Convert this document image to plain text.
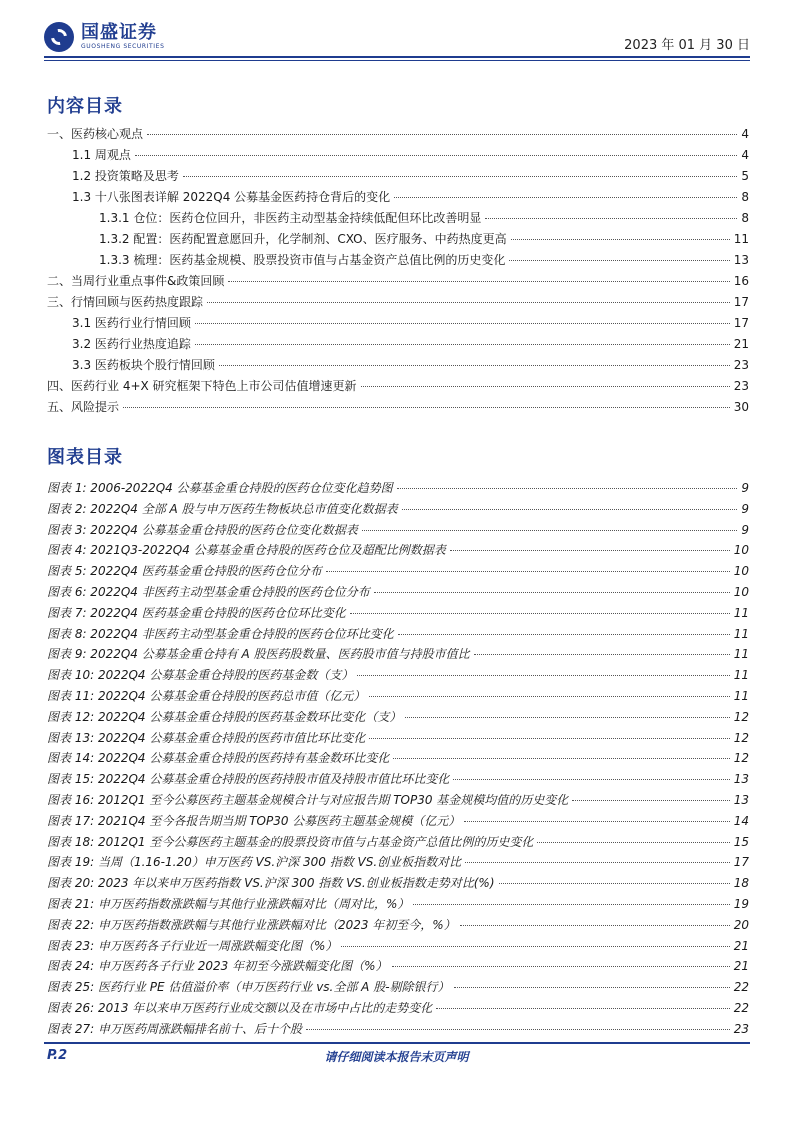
国盛证券
GUOSHENG SECURITIES	2023 年 01 月 30 日
内容目录
一、医药核心观点	4
1.1 周观点	4
1.2 投资策略及思考	5
1.3 十八张图表详解 2022Q4 公募基金医药持仓背后的变化	8
1.3.1 仓位：医药仓位回升，非医药主动型基金持续低配但环比改善明显	8
1.3.2 配置：医药配置意愿回升，化学制剂、CXO、医疗服务、中药热度更高	11
1.3.3 梳理：医药基金规模、股票投资市值与占基金资产总值比例的历史变化	13
二、当周行业重点事件&政策回顾	16
三、行情回顾与医药热度跟踪	17
3.1 医药行业行情回顾	17
3.2 医药行业热度追踪	21
3.3 医药板块个股行情回顾	23
四、医药行业 4+X 研究框架下特色上市公司估值增速更新	23
五、风险提示	30
图表目录
图表 1: 2006-2022Q4 公募基金重仓持股的医药仓位变化趋势图	9
图表 2: 2022Q4 全部 A 股与申万医药生物板块总市值变化数据表	9
图表 3: 2022Q4 公募基金重仓持股的医药仓位变化数据表	9
图表 4: 2021Q3-2022Q4 公募基金重仓持股的医药仓位及超配比例数据表	10
图表 5: 2022Q4 医药基金重仓持股的医药仓位分布	10
图表 6: 2022Q4 非医药主动型基金重仓持股的医药仓位分布	10
图表 7: 2022Q4 医药基金重仓持股的医药仓位环比变化	11
图表 8: 2022Q4 非医药主动型基金重仓持股的医药仓位环比变化	11
图表 9: 2022Q4 公募基金重仓持有 A 股医药股数量、医药股市值与持股市值比	11
图表 10: 2022Q4 公募基金重仓持股的医药基金数（支）	11
图表 11: 2022Q4 公募基金重仓持股的医药总市值（亿元）	11
图表 12: 2022Q4 公募基金重仓持股的医药基金数环比变化（支）	12
图表 13: 2022Q4 公募基金重仓持股的医药市值比环比变化	12
图表 14: 2022Q4 公募基金重仓持股的医药持有基金数环比变化	12
图表 15: 2022Q4 公募基金重仓持股的医药持股市值及持股市值比环比变化	13
图表 16: 2012Q1 至今公募医药主题基金规模合计与对应报告期 TOP30 基金规模均值的历史变化	13
图表 17: 2021Q4 至今各报告期当期 TOP30 公募医药主题基金规模（亿元）	14
图表 18: 2012Q1 至今公募医药主题基金的股票投资市值与占基金资产总值比例的历史变化	15
图表 19: 当周（1.16-1.20）申万医药 VS.沪深 300 指数 VS.创业板指数对比	17
图表 20: 2023 年以来申万医药指数 VS.沪深 300 指数 VS.创业板指数走势对比(%)	18
图表 21: 申万医药指数涨跌幅与其他行业涨跌幅对比（周对比，%）	19
图表 22: 申万医药指数涨跌幅与其他行业涨跌幅对比（2023 年初至今，%）	20
图表 23: 申万医药各子行业近一周涨跌幅变化图（%）	21
图表 24: 申万医药各子行业 2023 年初至今涨跌幅变化图（%）	21
图表 25: 医药行业 PE 估值溢价率（申万医药行业 vs.全部 A 股-剔除银行）	22
图表 26: 2013 年以来申万医药行业成交额以及在市场中占比的走势变化	22
图表 27: 申万医药周涨跌幅排名前十、后十个股	23
P.2	请仔细阅读本报告末页声明
